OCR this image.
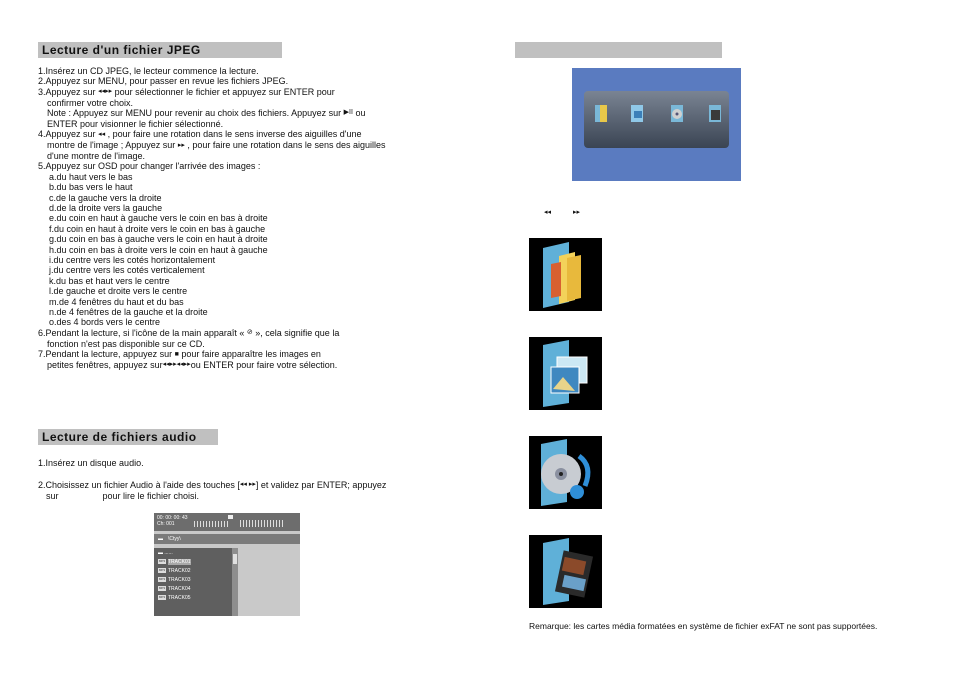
Lecture d'un fichier JPEG

1.Insérez un CD JPEG, le lecteur commence la lecture.

2.Appuyez sur MENU, pour passer en revue les fichiers JPEG.

3.Appuyez sur ◂◂▸▸ pour sélectionner le fichier et appuyez sur ENTER pour

confirmer votre choix.

Note : Appuyez sur MENU pour revenir au choix des fichiers. Appuyez sur ▶II ou

ENTER pour visionner le fichier sélectionné.

4.Appuyez sur ◂◂ , pour faire une rotation dans le sens inverse des aiguilles d'une

montre de l'image ; Appuyez sur ▸▸ , pour faire une rotation dans le sens des aiguilles

d'une montre de l'image.

5.Appuyez sur OSD pour changer l'arrivée des images :

a.du haut vers le bas

b.du bas vers le haut

c.de la gauche vers la droite

d.de la droite vers la gauche

e.du coin en haut à gauche vers le coin en bas à droite

f.du coin en haut à droite vers le coin en bas à gauche

g.du coin en bas à gauche vers le coin en haut à droite

h.du coin en bas à droite vers le coin en haut à gauche

i.du centre vers les cotés horizontalement

j.du centre vers les cotés verticalement

k.du bas et haut vers le centre

l.de gauche et droite vers le centre

m.de 4 fenêtres du haut et du bas

n.de 4 fenêtres de la gauche et la droite

o.des 4 bords vers le centre

6.Pendant la lecture, si l'icône de la main apparaît « ⊘ », cela signifie que la

fonction n'est pas disponible sur ce CD.

7.Pendant la lecture, appuyez sur ■ pour faire apparaître les images en

petites fenêtres, appuyez sur◂◂▸▸◂◂▸▸ou ENTER pour faire votre sélection.

Lecture de fichiers audio

1.Insérez un disque audio.

2.Choisissez un fichier Audio à l'aide des touches [◂◂ ▸▸] et validez par ENTER; appuyez

sur	pour lire le fichier choisi.

00: 00: 00: 43
Ch: 001
▬ \Ctyy\
▬ ......
MP3 TRACK01
MP3 TRACK02
MP3 TRACK03
MP3 TRACK04
MP3 TRACK05
◂◂	▸▸
Remarque: les cartes média formatées en système de fichier exFAT ne sont pas supportées.
